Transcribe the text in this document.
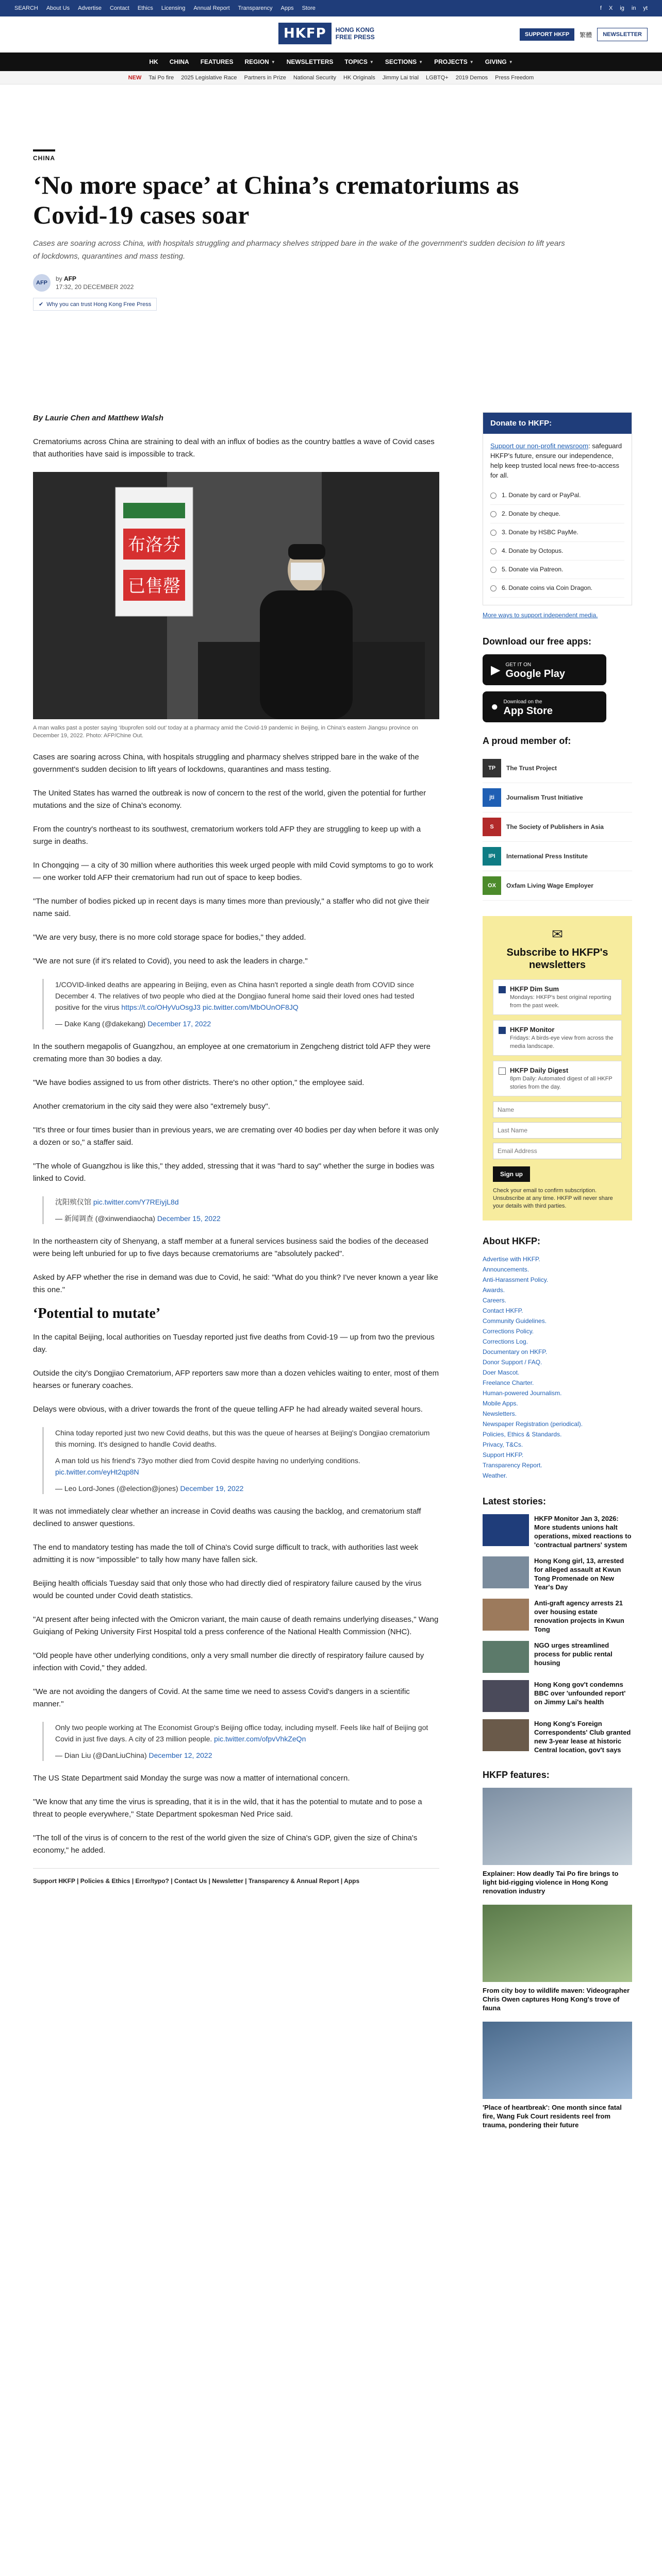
SEARCH About Us Advertise Contact Ethics Licensing Annual Report Transparency Apps Store	f X ig in yt
HKFP	HONG KONG
FREE PRESS	SUPPORT HKFP	繁體	NEWSLETTER
HK CHINA FEATURES REGION ▼ NEWSLETTERS TOPICS ▼ SECTIONS ▼ PROJECTS ▼ GIVING ▼
NEW Tai Po fire 2025 Legislative Race Partners in Prize National Security HK Originals Jimmy Lai trial LGBTQ+ 2019 Demos Press Freedom
CHINA
‘No more space’ at China’s crematoriums as Covid-19 cases soar
Cases are soaring across China, with hospitals struggling and pharmacy shelves stripped bare in the wake of the government's sudden decision to lift years of lockdowns, quarantines and mass testing.
AFP
by AFP
17:32, 20 DECEMBER 2022
✔ Why you can trust Hong Kong Free Press

By Laurie Chen and Matthew Walsh

Crematoriums across China are straining to deal with an influx of bodies as the country battles a wave of Covid cases that authorities have said is impossible to track.

布洛芬
已售罄

A man walks past a poster saying ‘Ibuprofen sold out’ today at a pharmacy amid the Covid-19 pandemic in Beijing, in China's eastern Jiangsu province on December 19, 2022. Photo: AFP/Chine Out.

Cases are soaring across China, with hospitals struggling and pharmacy shelves stripped bare in the wake of the government's sudden decision to lift years of lockdowns, quarantines and mass testing.

The United States has warned the outbreak is now of concern to the rest of the world, given the potential for further mutations and the size of China's economy.

From the country's northeast to its southwest, crematorium workers told AFP they are struggling to keep up with a surge in deaths.

In Chongqing — a city of 30 million where authorities this week urged people with mild Covid symptoms to go to work — one worker told AFP their crematorium had run out of space to keep bodies.

"The number of bodies picked up in recent days is many times more than previously," a staffer who did not give their name said.

"We are very busy, there is no more cold storage space for bodies," they added.

"We are not sure (if it's related to Covid), you need to ask the leaders in charge."

1/COVID-linked deaths are appearing in Beijing, even as China hasn't reported a single death from COVID since December 4. The relatives of two people who died at the Dongjiao funeral home said their loved ones had tested positive for the virus https://t.co/OHyVuOsgJ3 pic.twitter.com/MbOUnOF8JQ
— Dake Kang (@dakekang) December 17, 2022

In the southern megapolis of Guangzhou, an employee at one crematorium in Zengcheng district told AFP they were cremating more than 30 bodies a day.

"We have bodies assigned to us from other districts. There's no other option," the employee said.

Another crematorium in the city said they were also "extremely busy".

"It's three or four times busier than in previous years, we are cremating over 40 bodies per day when before it was only a dozen or so," a staffer said.

"The whole of Guangzhou is like this," they added, stressing that it was "hard to say" whether the surge in bodies was linked to Covid.

沈阳殡仪馆 pic.twitter.com/Y7REiyjL8d
— 新闻调查 (@xinwendiaocha) December 15, 2022

In the northeastern city of Shenyang, a staff member at a funeral services business said the bodies of the deceased were being left unburied for up to five days because crematoriums are "absolutely packed".

Asked by AFP whether the rise in demand was due to Covid, he said: "What do you think? I've never known a year like this one."

‘Potential to mutate’

In the capital Beijing, local authorities on Tuesday reported just five deaths from Covid-19 — up from two the previous day.

Outside the city's Dongjiao Crematorium, AFP reporters saw more than a dozen vehicles waiting to enter, most of them hearses or funerary coaches.

Delays were obvious, with a driver towards the front of the queue telling AFP he had already waited several hours.

China today reported just two new Covid deaths, but this was the queue of hearses at Beijing's Dongjiao crematorium this morning. It's designed to handle Covid deaths.
A man told us his friend's 73yo mother died from Covid despite having no underlying conditions. pic.twitter.com/eyHt2qp8N
— Leo Lord-Jones (@election@jones) December 19, 2022

It was not immediately clear whether an increase in Covid deaths was causing the backlog, and crematorium staff declined to answer questions.

The end to mandatory testing has made the toll of China's Covid surge difficult to track, with authorities last week admitting it is now "impossible" to tally how many have fallen sick.

Beijing health officials Tuesday said that only those who had directly died of respiratory failure caused by the virus would be counted under Covid death statistics.

"At present after being infected with the Omicron variant, the main cause of death remains underlying diseases," Wang Guiqiang of Peking University First Hospital told a press conference of the National Health Commission (NHC).

"Old people have other underlying conditions, only a very small number die directly of respiratory failure caused by infection with Covid," they added.

"We are not avoiding the dangers of Covid. At the same time we need to assess Covid's dangers in a scientific manner."

Only two people working at The Economist Group's Beijing office today, including myself. Feels like half of Beijing got Covid in just five days. A city of 23 million people. pic.twitter.com/ofpvVhkZeQn
— Dian Liu (@DanLiuChina) December 12, 2022

The US State Department said Monday the surge was now a matter of international concern.

"We know that any time the virus is spreading, that it is in the wild, that it has the potential to mutate and to pose a threat to people everywhere," State Department spokesman Ned Price said.

"The toll of the virus is of concern to the rest of the world given the size of China's GDP, given the size of China's economy," he added.

Support HKFP | Policies & Ethics | Error/typo? | Contact Us | Newsletter | Transparency & Annual Report | Apps
Donate to HKFP:
Support our non-profit newsroom: safeguard HKFP's future, ensure our independence, help keep trusted local news free-to-access for all.
1. Donate by card or PayPal.
2. Donate by cheque.
3. Donate by HSBC PayMe.
4. Donate by Octopus.
5. Donate via Patreon.
6. Donate coins via Coin Dragon.
More ways to support independent media.
Download our free apps:
▶ GET IT ON
Google Play
● Download on the
App Store
A proud member of:
TP	The Trust Project
jti	Journalism Trust Initiative
S	The Society of Publishers in Asia
IPI	International Press Institute
OX	Oxfam Living Wage Employer
✉
Subscribe to HKFP's newsletters
HKFP Dim Sum
Mondays: HKFP's best original reporting from the past week.
HKFP Monitor
Fridays: A birds-eye view from across the media landscape.
HKFP Daily Digest
8pm Daily: Automated digest of all HKFP stories from the day.
Name Last Name Email Address Sign up
Check your email to confirm subscription. Unsubscribe at any time. HKFP will never share your details with third parties.
About HKFP:
Advertise with HKFP.
Announcements.
Anti-Harassment Policy.
Awards.
Careers.
Contact HKFP.
Community Guidelines.
Corrections Policy.
Corrections Log.
Documentary on HKFP.
Donor Support / FAQ.
Doer Mascot.
Freelance Charter.
Human-powered Journalism.
Mobile Apps.
Newsletters.
Newspaper Registration (periodical).
Policies, Ethics & Standards.
Privacy, T&Cs.
Support HKFP.
Transparency Report.
Weather.
Latest stories:
HKFP Monitor Jan 3, 2026: More students unions halt operations, mixed reactions to 'contractual partners' system
Hong Kong girl, 13, arrested for alleged assault at Kwun Tong Promenade on New Year's Day
Anti-graft agency arrests 21 over housing estate renovation projects in Kwun Tong
NGO urges streamlined process for public rental housing
Hong Kong gov't condemns BBC over 'unfounded report' on Jimmy Lai's health
Hong Kong's Foreign Correspondents' Club granted new 3-year lease at historic Central location, gov't says
HKFP features:
Explainer: How deadly Tai Po fire brings to light bid-rigging violence in Hong Kong renovation industry
From city boy to wildlife maven: Videographer Chris Owen captures Hong Kong's trove of fauna
'Place of heartbreak': One month since fatal fire, Wang Fuk Court residents reel from trauma, pondering their future
